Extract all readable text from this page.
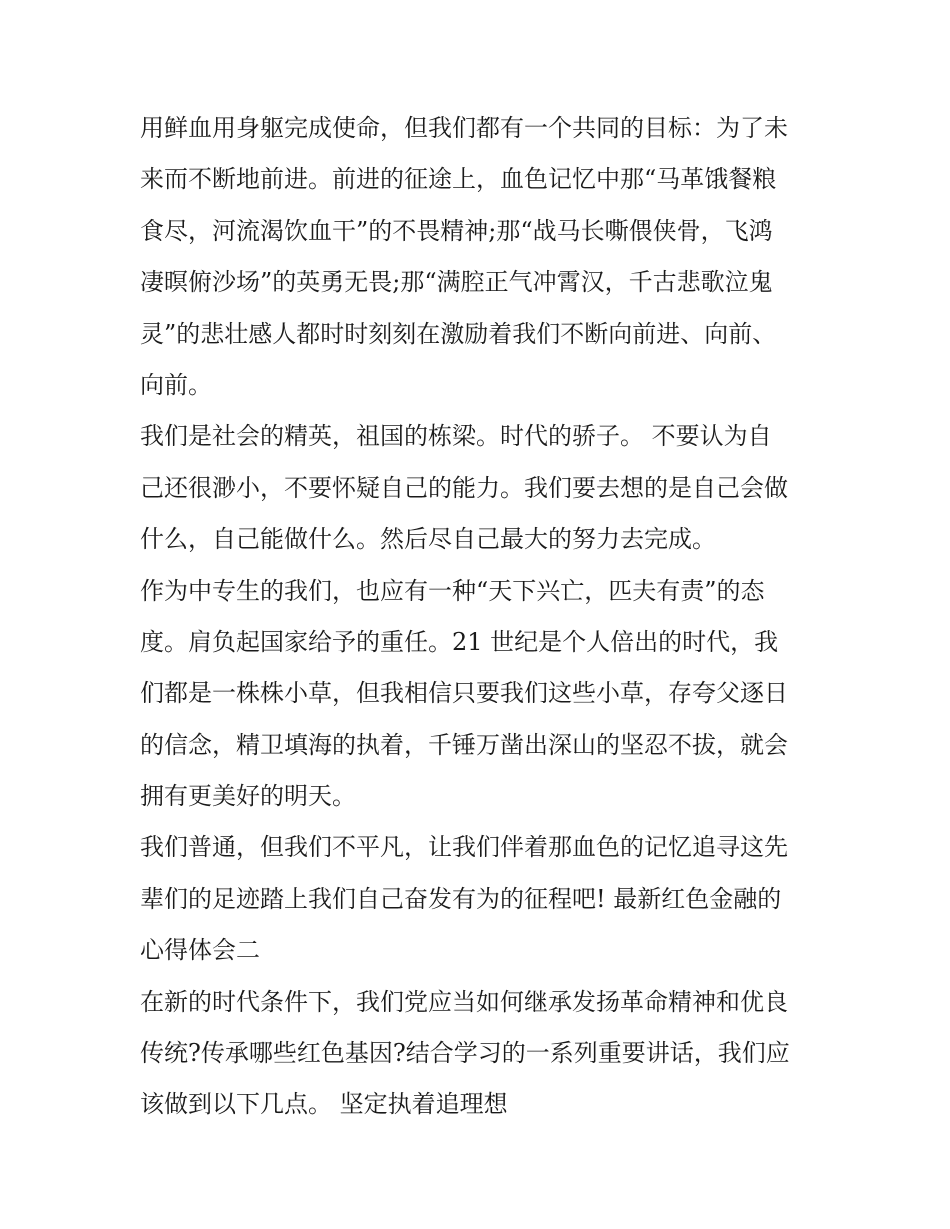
用鲜血用身躯完成使命，但我们都有一个共同的目标：为了未
来而不断地前进。前进的征途上，血色记忆中那“马革饿餐粮
食尽，河流渴饮血干”的不畏精神;那“战马长嘶偎侠骨，飞鸿
凄暝俯沙场”的英勇无畏;那“满腔正气冲霄汉，千古悲歌泣鬼
灵”的悲壮感人都时时刻刻在激励着我们不断向前进、向前、
向前。
我们是社会的精英，祖国的栋梁。时代的骄子。 不要认为自
己还很渺小，不要怀疑自己的能力。我们要去想的是自己会做
什么，自己能做什么。然后尽自己最大的努力去完成。
作为中专生的我们，也应有一种“天下兴亡，匹夫有责”的态
度。肩负起国家给予的重任。21 世纪是个人倍出的时代，我
们都是一株株小草，但我相信只要我们这些小草，存夸父逐日
的信念，精卫填海的执着，千锤万凿出深山的坚忍不拔，就会
拥有更美好的明天。
我们普通，但我们不平凡，让我们伴着那血色的记忆追寻这先
辈们的足迹踏上我们自己奋发有为的征程吧! 最新红色金融的
心得体会二
在新的时代条件下，我们党应当如何继承发扬革命精神和优良
传统?传承哪些红色基因?结合学习的一系列重要讲话，我们应
该做到以下几点。 坚定执着追理想
